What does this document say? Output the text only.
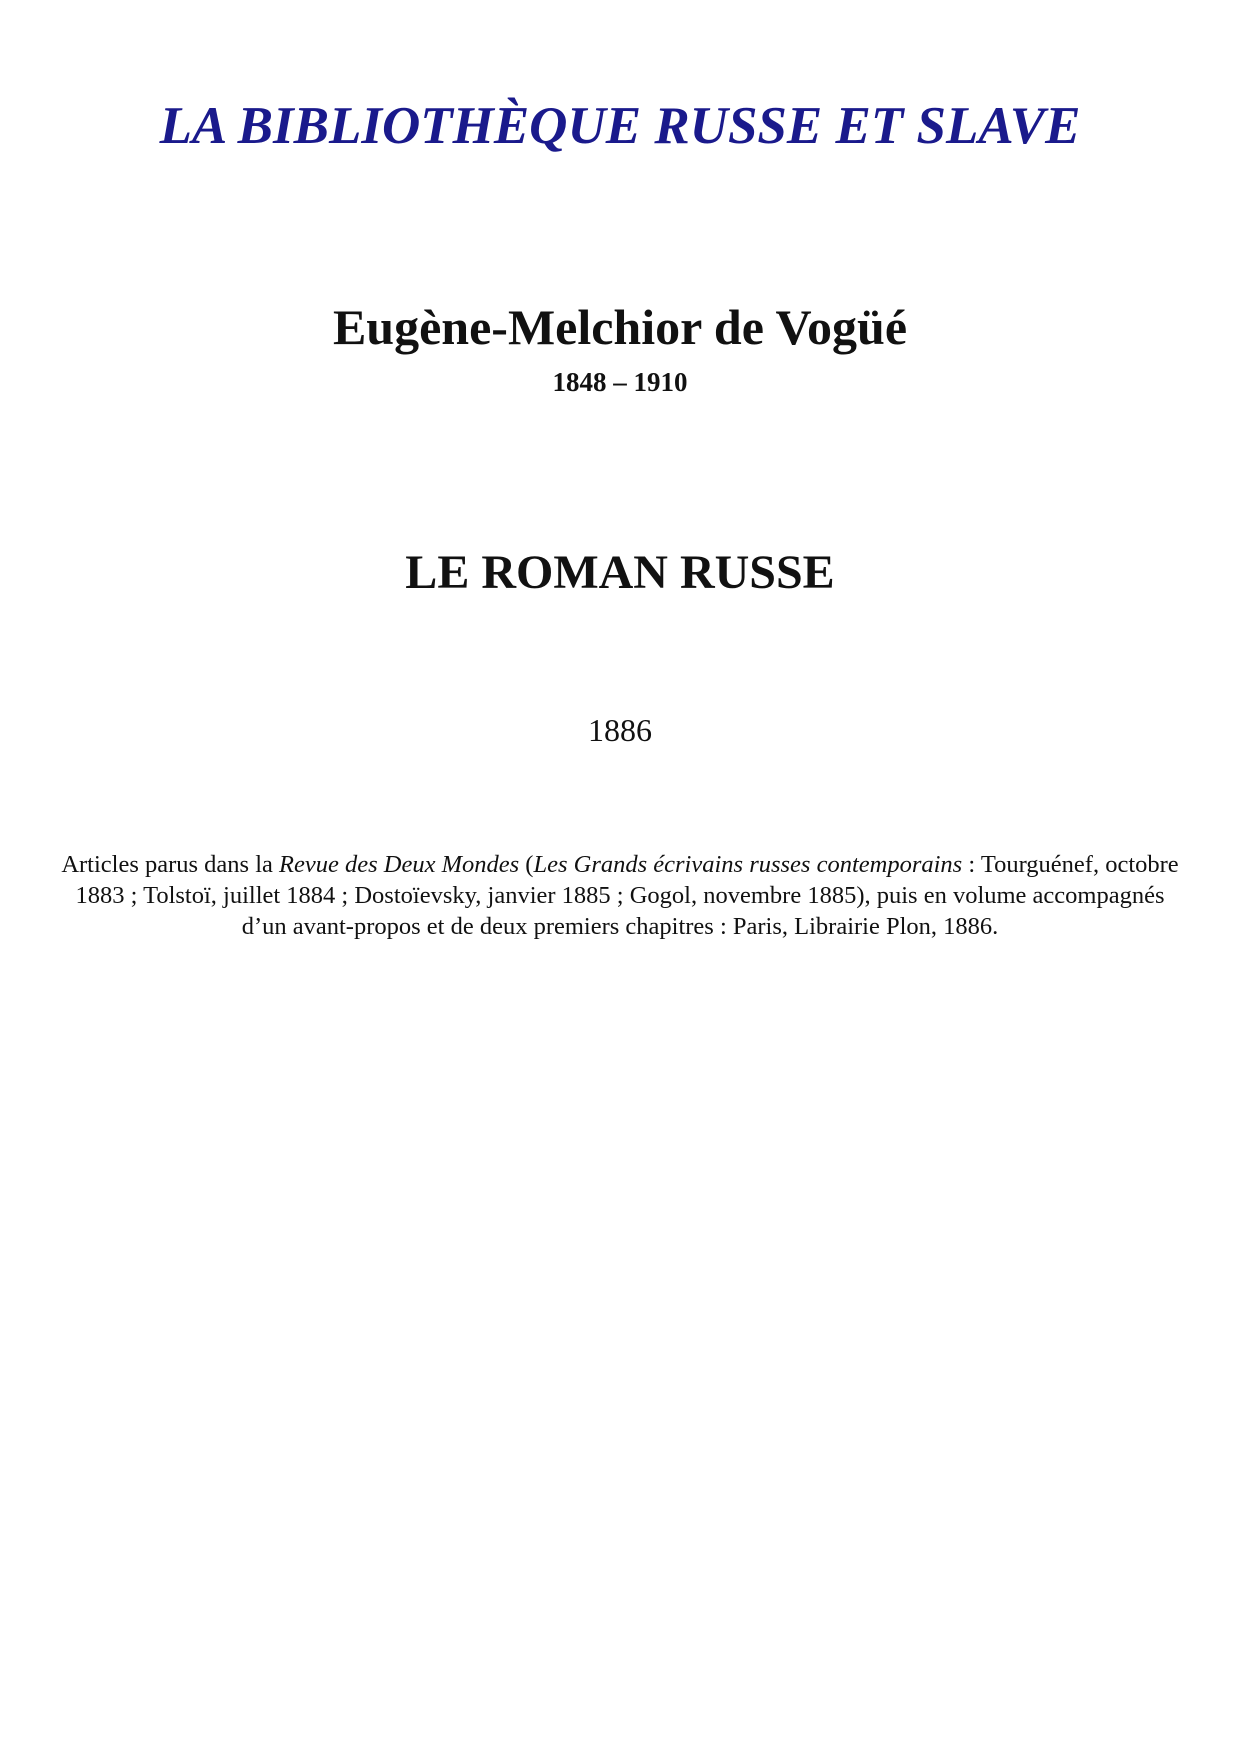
LA BIBLIOTHÈQUE RUSSE ET SLAVE
Eugène-Melchior de Vogüé
1848 – 1910
LE ROMAN RUSSE
1886

Articles parus dans la Revue des Deux Mondes (Les Grands écrivains russes contemporains : Tourguénef, octobre 1883 ; Tolstoï, juillet 1884 ; Dostoïevsky, janvier 1885 ; Gogol, novembre 1885), puis en volume accompagnés d’un avant-propos et de deux premiers chapitres : Paris, Librairie Plon, 1886.
